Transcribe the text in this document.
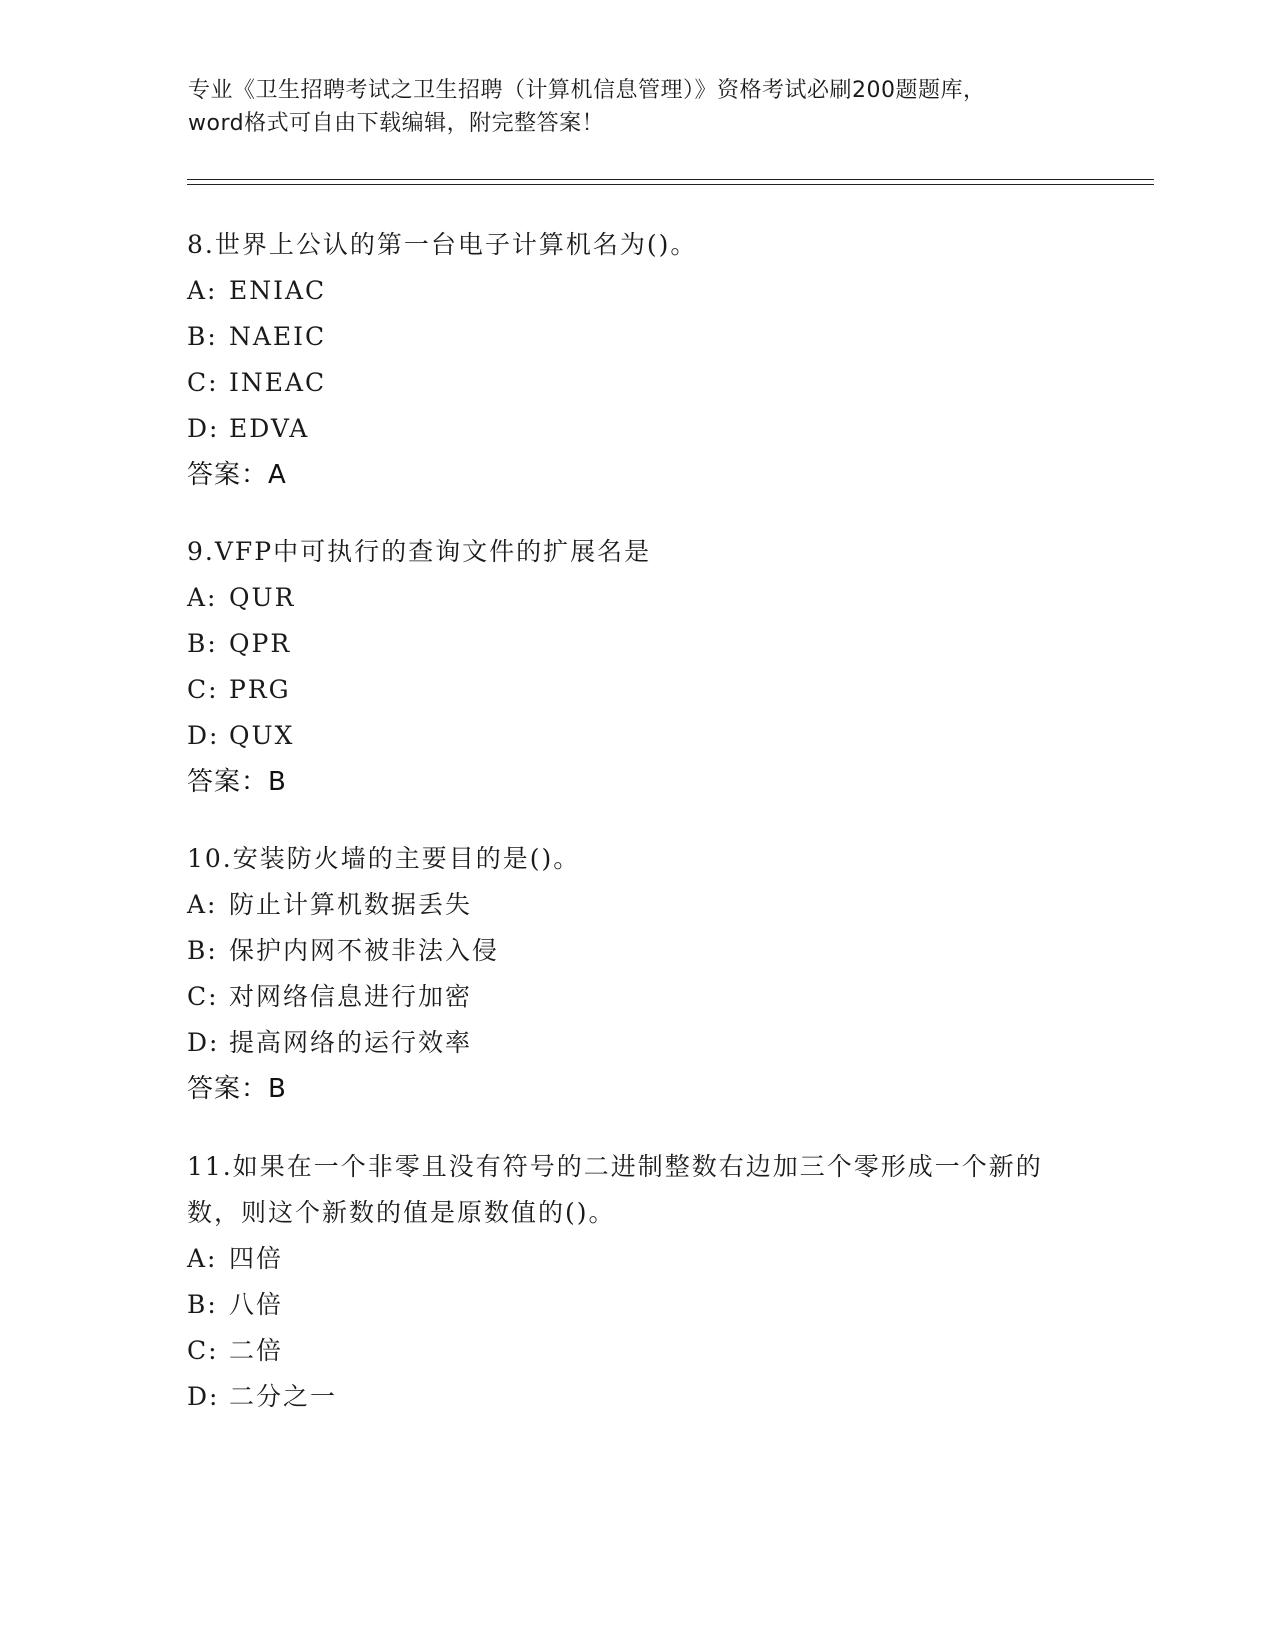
专业《卫生招聘考试之卫生招聘（计算机信息管理）》资格考试必刷200题题库，
word格式可自由下载编辑，附完整答案！
8.世界上公认的第一台电子计算机名为()。
A: ENIAC
B: NAEIC
C: INEAC
D: EDVA
答案：A
9.VFP中可执行的查询文件的扩展名是
A: QUR
B: QPR
C: PRG
D: QUX
答案：B
10.安装防火墙的主要目的是()。
A: 防止计算机数据丢失
B: 保护内网不被非法入侵
C: 对网络信息进行加密
D: 提高网络的运行效率
答案：B
11.如果在一个非零且没有符号的二进制整数右边加三个零形成一个新的数，则这个新数的值是原数值的()。
A: 四倍
B: 八倍
C: 二倍
D: 二分之一
